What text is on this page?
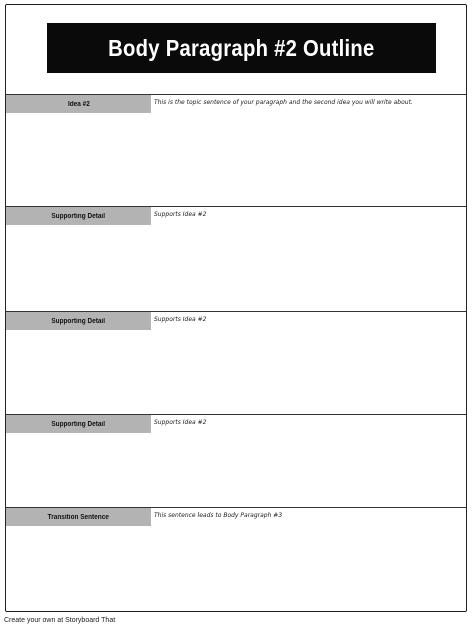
Body Paragraph #2 Outline
Idea #2	This is the topic sentence of your paragraph and the second idea you will write about.
Supporting Detail	Supports Idea #2
Supporting Detail	Supports Idea #2
Supporting Detail	Supports Idea #2
Transition Sentence	This sentence leads to Body Paragraph #3
Create your own at Storyboard That
